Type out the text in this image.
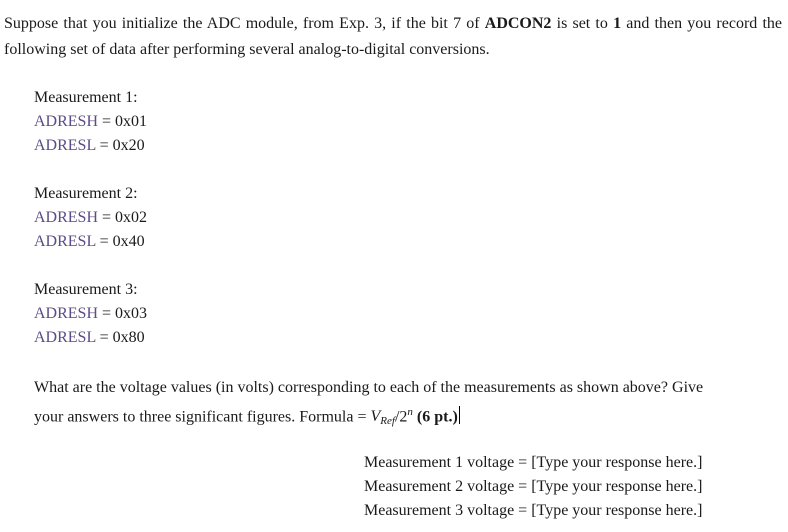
Suppose that you initialize the ADC module, from Exp. 3, if the bit 7 of ADCON2 is set to 1 and then you record the following set of data after performing several analog-to-digital conversions.
Measurement 1:
ADRESH = 0x01
ADRESL = 0x20
Measurement 2:
ADRESH = 0x02
ADRESL = 0x40
Measurement 3:
ADRESH = 0x03
ADRESL = 0x80
What are the voltage values (in volts) corresponding to each of the measurements as shown above? Give your answers to three significant figures. Formula = $V_{Ref}/2^n$ (6 pt.)
Measurement 1 voltage = [Type your response here.]
Measurement 2 voltage = [Type your response here.]
Measurement 3 voltage = [Type your response here.]
